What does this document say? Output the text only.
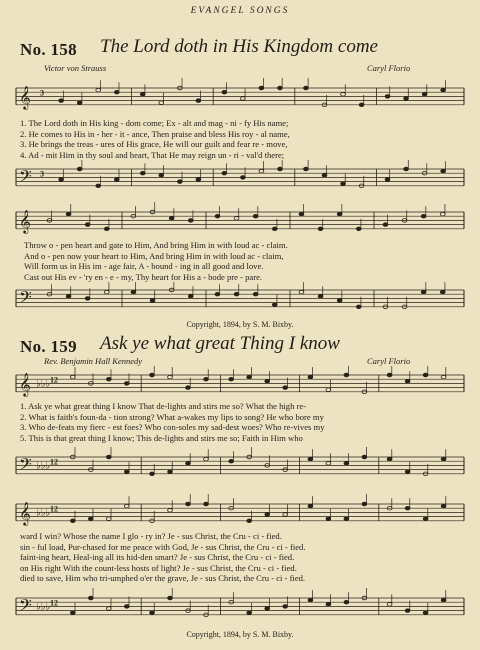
EVANGEL SONGS
No. 158 The Lord doth in His Kingdom come
Victor von Strauss	Caryl Florio
𝄞 3
1. The Lord doth in His king - dom come; Ex - alt and mag - ni - fy His name;
2. He comes to His in - her - it - ance, Then praise and bless His roy - al name,
3. He brings the treas - ures of His grace, He will our guilt and fear re - move,
4. Ad - mit Him in thy soul and heart, That He may reign un - ri - val'd there;
𝄢 3
𝄞
Throw o - pen heart and gate to Him, And bring Him in with loud ac - claim.
And o - pen now your heart to Him, And bring Him in with loud ac - claim,
Will form us in His im - age fair, A - bound - ing in all good and love.
Cast out His ev - 'ry en - e - my, Thy heart for His a - bode pre - pare.
𝄢
Copyright, 1894, by S. M. Bixby.
No. 159 Ask ye what great Thing I know
Rev. Benjamin Hall Kennedy	Caryl Florio
𝄞 ♭♭♭ 12
1. Ask ye what great thing I know That de-lights and stirs me so? What the high re-
2. What is faith's foun-da - tion strong? What a-wakes my lips to song? He who bore my
3. Who de-feats my fierc - est foes? Who con-soles my sad-dest woes? Who re-vives my
5. This is that great thing I know; This de-lights and stirs me so; Faith in Him who
𝄢 ♭♭♭ 12
𝄞 ♭♭♭ 12
ward I win? Whose the name I glo - ry in? Je - sus Christ, the Cru - ci - fied.
sin - ful load, Pur-chased for me peace with God, Je - sus Christ, the Cru - ci - fied.
faint-ing heart, Heal-ing all its hid-den smart? Je - sus Christ, the Cru - ci - fied.
on His right With the count-less hosts of light? Je - sus Christ, the Cru - ci - fied.
died to save, Him who tri-umphed o'er the grave, Je - sus Christ, the Cru - ci - fied.
𝄢 ♭♭♭ 12
Copyright, 1894, by S. M. Bixby.
